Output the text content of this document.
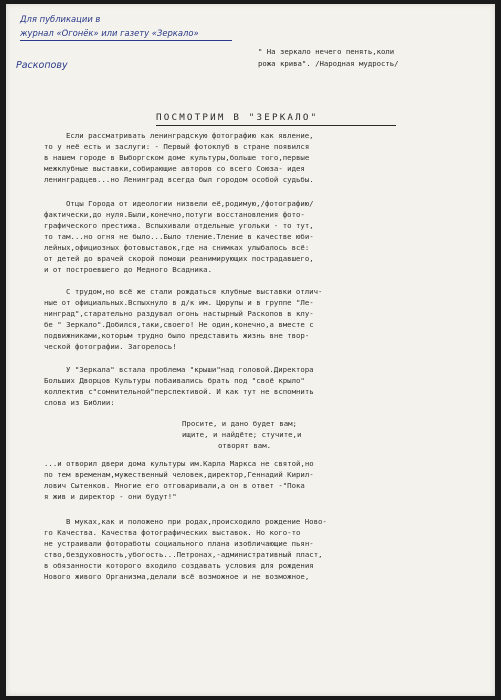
Для публикации в
журнал «Огонёк» или газету «Зеркало»
Раскопову
" На зеркало нечего пенять,коли
рожа крива". /Народная мудрость/
ПОСМОТРИМ В "ЗЕРКАЛО"
Если рассматривать ленинградскую фотографию как явление,
то у неё есть и заслуги: - Первый фотоклуб в стране появился
в нашем городе в Выборгском доме культуры,больше того,первые
межклубные выставки,собирающие авторов со всего Союза- идея
ленинградцев...но Ленинград всегда был городом особой судьбы.
Отцы Города от идеологии низвели её,родимую,/фотографию/
фактически,до нуля.Были,конечно,потуги восстановления фото-
графического престижа. Вспыхивали отдельные угольки - то тут,
то там...но огня не было...Было тление.Тление в качестве юби-
лейных,официозных фотовыставок,где на снимках улыбалось всё:
от детей до врачей скорой помощи реанимирующих пострадавшего,
и от построевшего до Медного Всадника.
С трудом,но всё же стали рождаться клубные выставки отлич-
ные от официальных.Вспыхнуло в д/к им. Цюрупы и в группе "Ле-
нинград",старательно раздувал огонь настырный Раскопов в клу-
бе " Зеркало".Добился,таки,своего! Не один,конечно,а вместе с
подвижниками,которым трудно было представить жизнь вне твор-
ческой фотографии. Загорелось!
У "Зеркала" встала проблема "крыши"над головой.Директора
Больших Дворцов Культуры побаивались брать под "своё крыло"
коллектив с"сомнительной"перспективой. И как тут не вспомнить
слова из Библии:
Просите, и дано будет вам;
ищите, и найдёте; стучите,и
отворят вам.
...и отворил двери дома культуры им.Карла Маркса не святой,но
по тем временам,мужественный человек,директор,Геннадий Кирил-
лович Сытенков. Многие его отговаривали,а он в ответ -"Пока
я жив и директор - они будут!"
В муках,как и положено при родах,происходило рождение Ново-
го Качества. Качества фотографических выставок. Но кого-то
не устраивали фотоработы социального плана изобличающие пьян-
ство,бездуховность,убогость...Петронах,-административный пласт,
в обязанности которого входило создавать условия для рождения
Нового живого Организма,делали всё возможное и не возможное,
